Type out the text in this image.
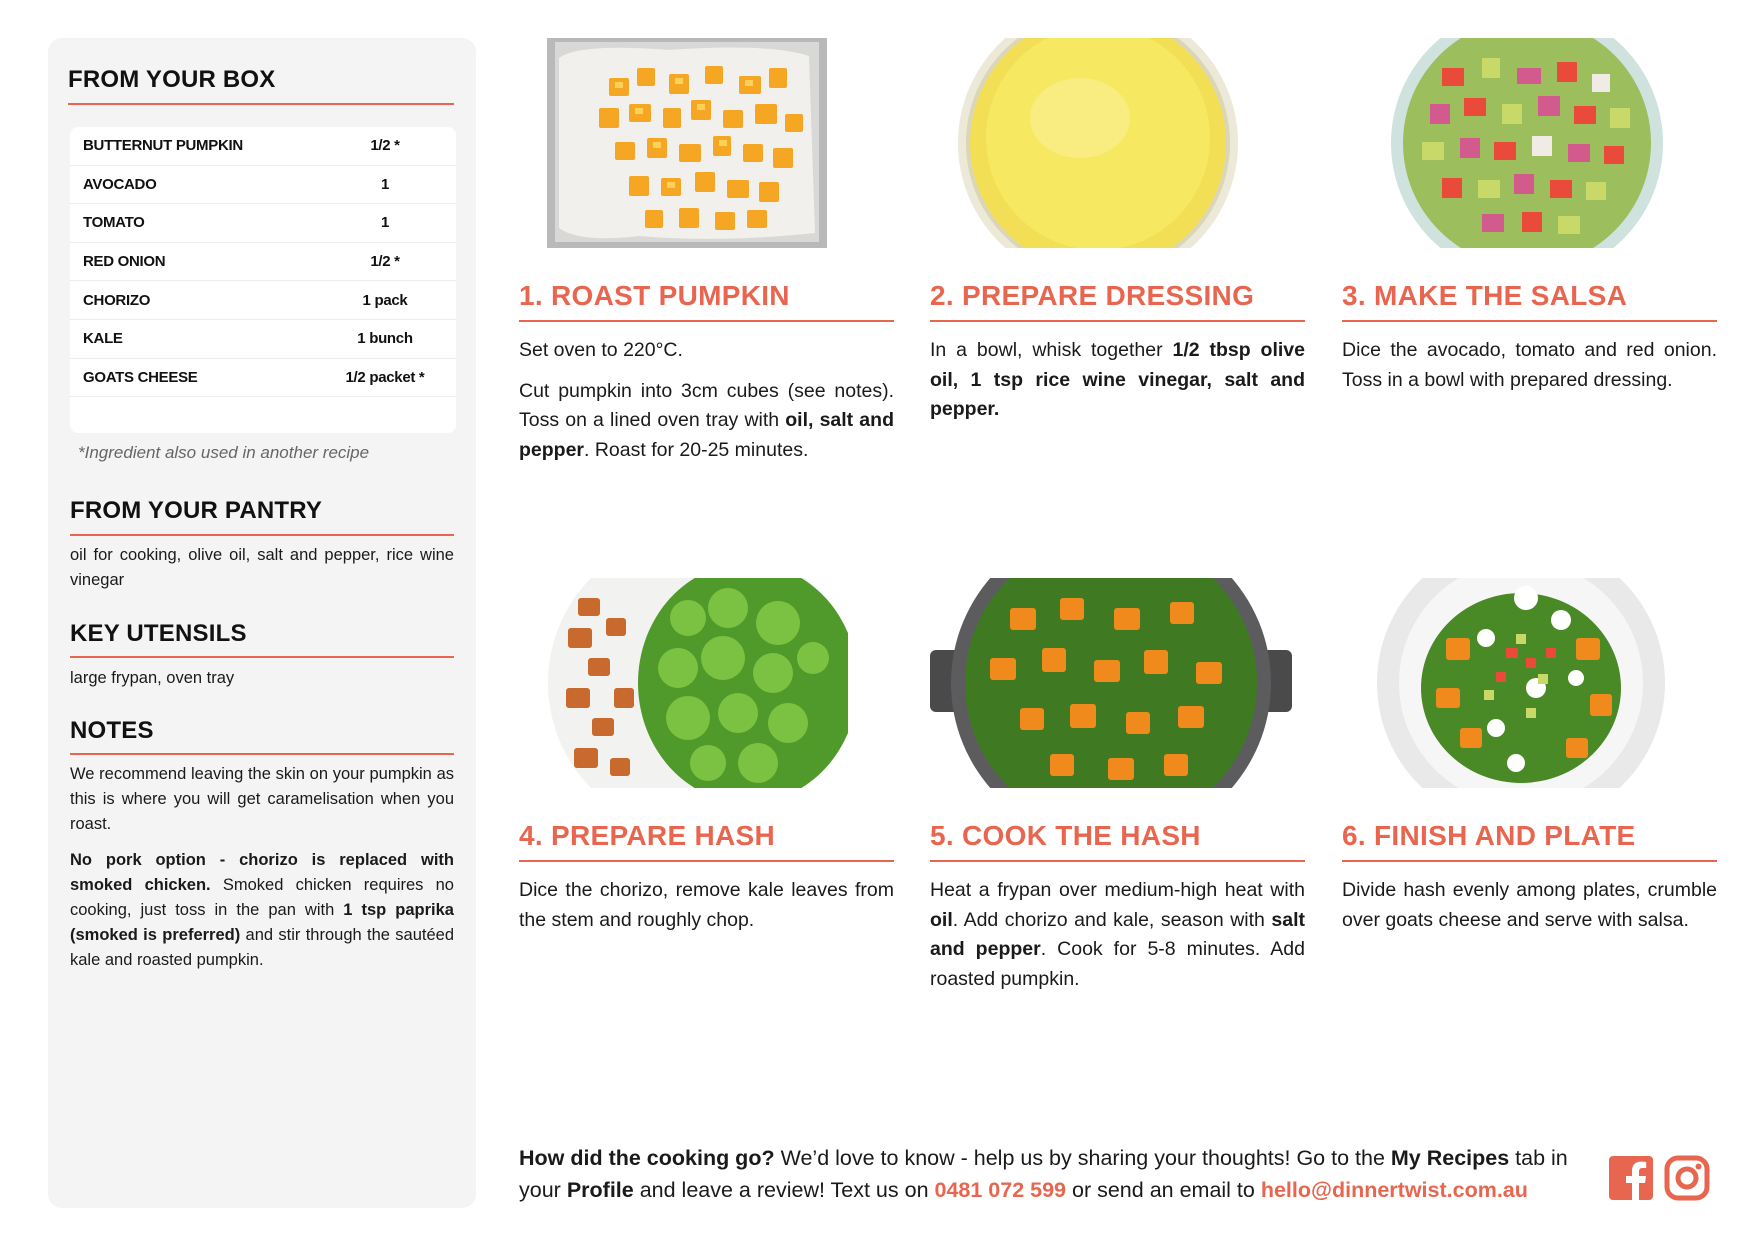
FROM YOUR BOX
BUTTERNUT PUMPKIN	1/2 *
AVOCADO	1
TOMATO	1
RED ONION	1/2 *
CHORIZO	1 pack
KALE	1 bunch
GOATS CHEESE	1/2 packet *
*Ingredient also used in another recipe
FROM YOUR PANTRY
oil for cooking, olive oil, salt and pepper, rice wine vinegar
KEY UTENSILS
large frypan, oven tray
NOTES
We recommend leaving the skin on your pumpkin as this is where you will get caramelisation when you roast.
No pork option - chorizo is replaced with smoked chicken. Smoked chicken requires no cooking, just toss in the pan with 1 tsp paprika (smoked is preferred) and stir through the sautéed kale and roasted pumpkin.
1. ROAST PUMPKIN	2. PREPARE DRESSING	3. MAKE THE SALSA
Set oven to 220°C.
Cut pumpkin into 3cm cubes (see notes). Toss on a lined oven tray with oil, salt and pepper. Roast for 20-25 minutes.
In a bowl, whisk together 1/2 tbsp olive oil, 1 tsp rice wine vinegar, salt and pepper.
Dice the avocado, tomato and red onion. Toss in a bowl with prepared dressing.
4. PREPARE HASH	5. COOK THE HASH	6. FINISH AND PLATE
Dice the chorizo, remove kale leaves from the stem and roughly chop.
Heat a frypan over medium-high heat with oil. Add chorizo and kale, season with salt and pepper. Cook for 5-8 minutes. Add roasted pumpkin.
Divide hash evenly among plates, crumble over goats cheese and serve with salsa.
How did the cooking go? We’d love to know - help us by sharing your thoughts! Go to the My Recipes tab in your Profile and leave a review! Text us on 0481 072 599 or send an email to hello@dinnertwist.com.au
